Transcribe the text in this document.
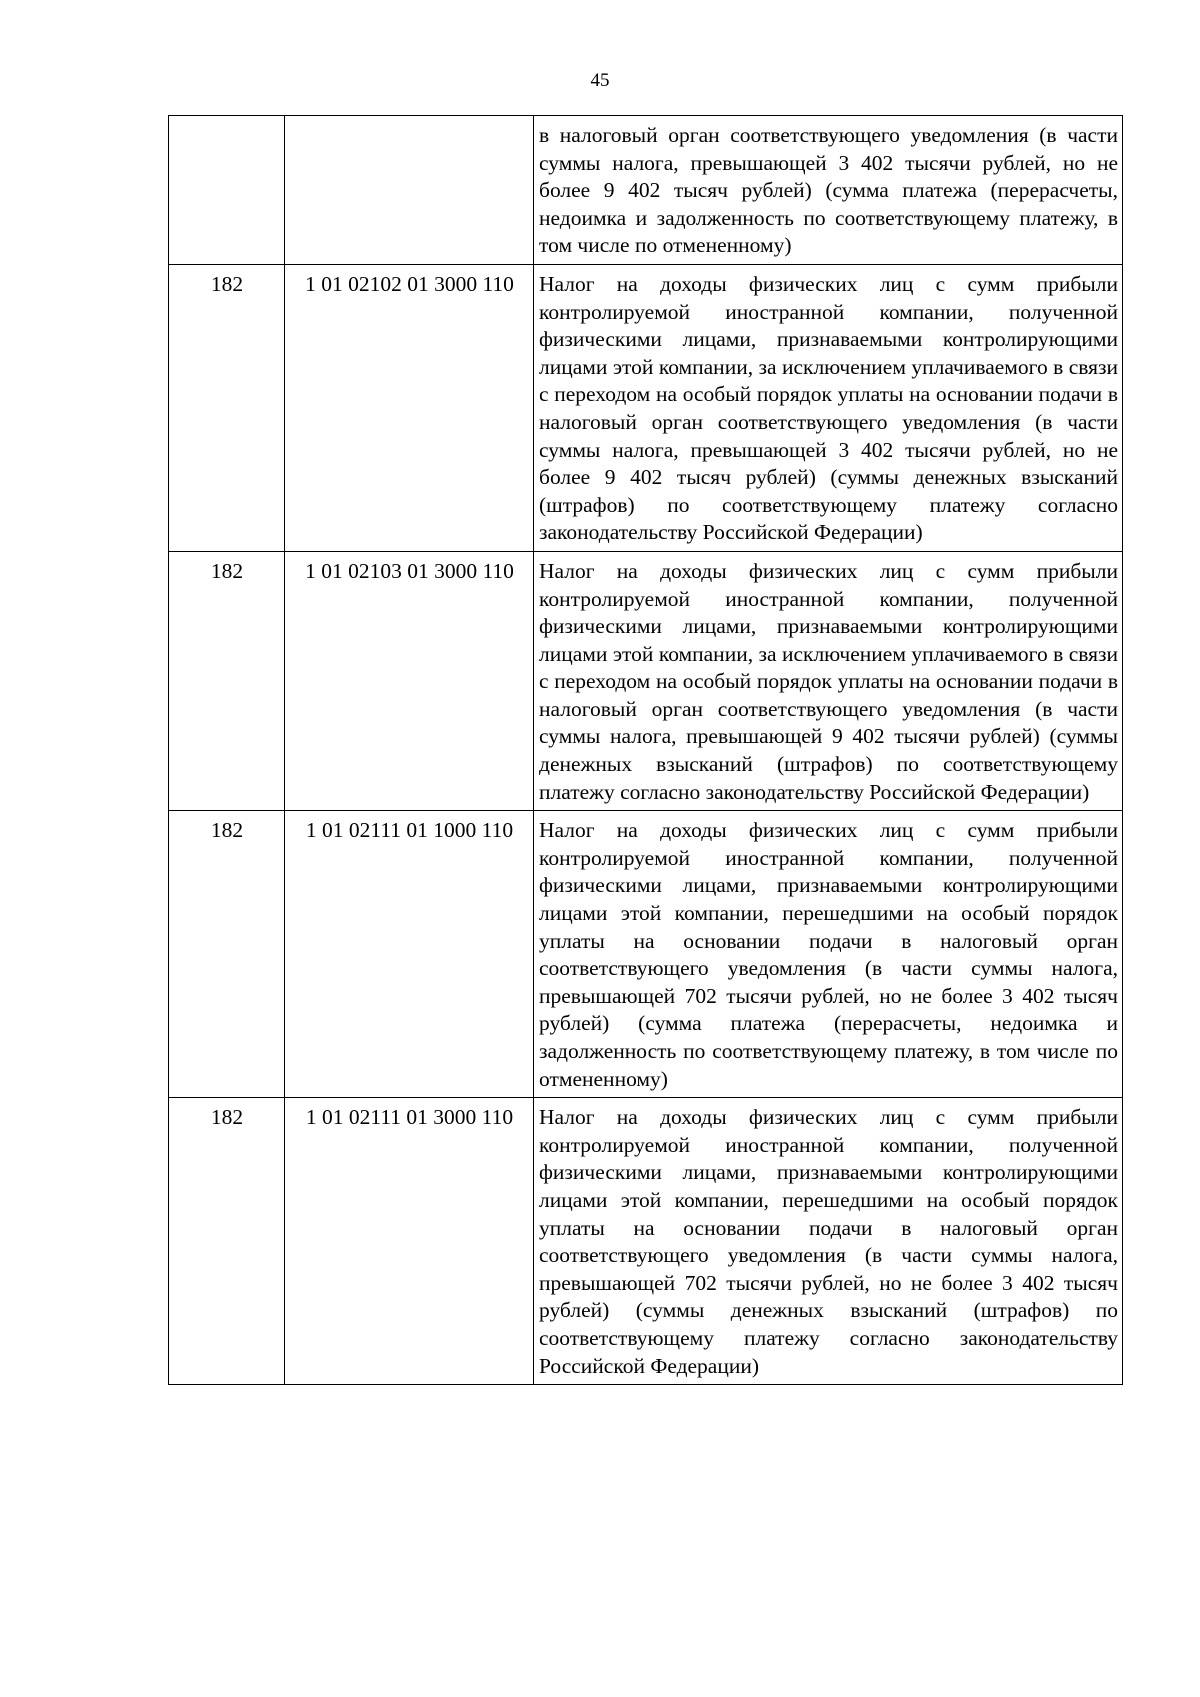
45
		в налоговый орган соответствующего уведомления (в части суммы налога, превышающей 3 402 тысячи рублей, но не более 9 402 тысяч рублей) (сумма платежа (перерасчеты, недоимка и задолженность по соответствующему платежу, в том числе по отмененному)
182	1 01 02102 01 3000 110	Налог на доходы физических лиц с сумм прибыли контролируемой иностранной компании, полученной физическими лицами, признаваемыми контролирующими лицами этой компании, за исключением уплачиваемого в связи с переходом на особый порядок уплаты на основании подачи в налоговый орган соответствующего уведомления (в части суммы налога, превышающей 3 402 тысячи рублей, но не более 9 402 тысяч рублей) (суммы денежных взысканий (штрафов) по соответствующему платежу согласно законодательству Российской Федерации)
182	1 01 02103 01 3000 110	Налог на доходы физических лиц с сумм прибыли контролируемой иностранной компании, полученной физическими лицами, признаваемыми контролирующими лицами этой компании, за исключением уплачиваемого в связи с переходом на особый порядок уплаты на основании подачи в налоговый орган соответствующего уведомления (в части суммы налога, превышающей 9 402 тысячи рублей) (суммы денежных взысканий (штрафов) по соответствующему платежу согласно законодательству Российской Федерации)
182	1 01 02111 01 1000 110	Налог на доходы физических лиц с сумм прибыли контролируемой иностранной компании, полученной физическими лицами, признаваемыми контролирующими лицами этой компании, перешедшими на особый порядок уплаты на основании подачи в налоговый орган соответствующего уведомления (в части суммы налога, превышающей 702 тысячи рублей, но не более 3 402 тысяч рублей) (сумма платежа (перерасчеты, недоимка и задолженность по соответствующему платежу, в том числе по отмененному)
182	1 01 02111 01 3000 110	Налог на доходы физических лиц с сумм прибыли контролируемой иностранной компании, полученной физическими лицами, признаваемыми контролирующими лицами этой компании, перешедшими на особый порядок уплаты на основании подачи в налоговый орган соответствующего уведомления (в части суммы налога, превышающей 702 тысячи рублей, но не более 3 402 тысяч рублей) (суммы денежных взысканий (штрафов) по соответствующему платежу согласно законодательству Российской Федерации)
